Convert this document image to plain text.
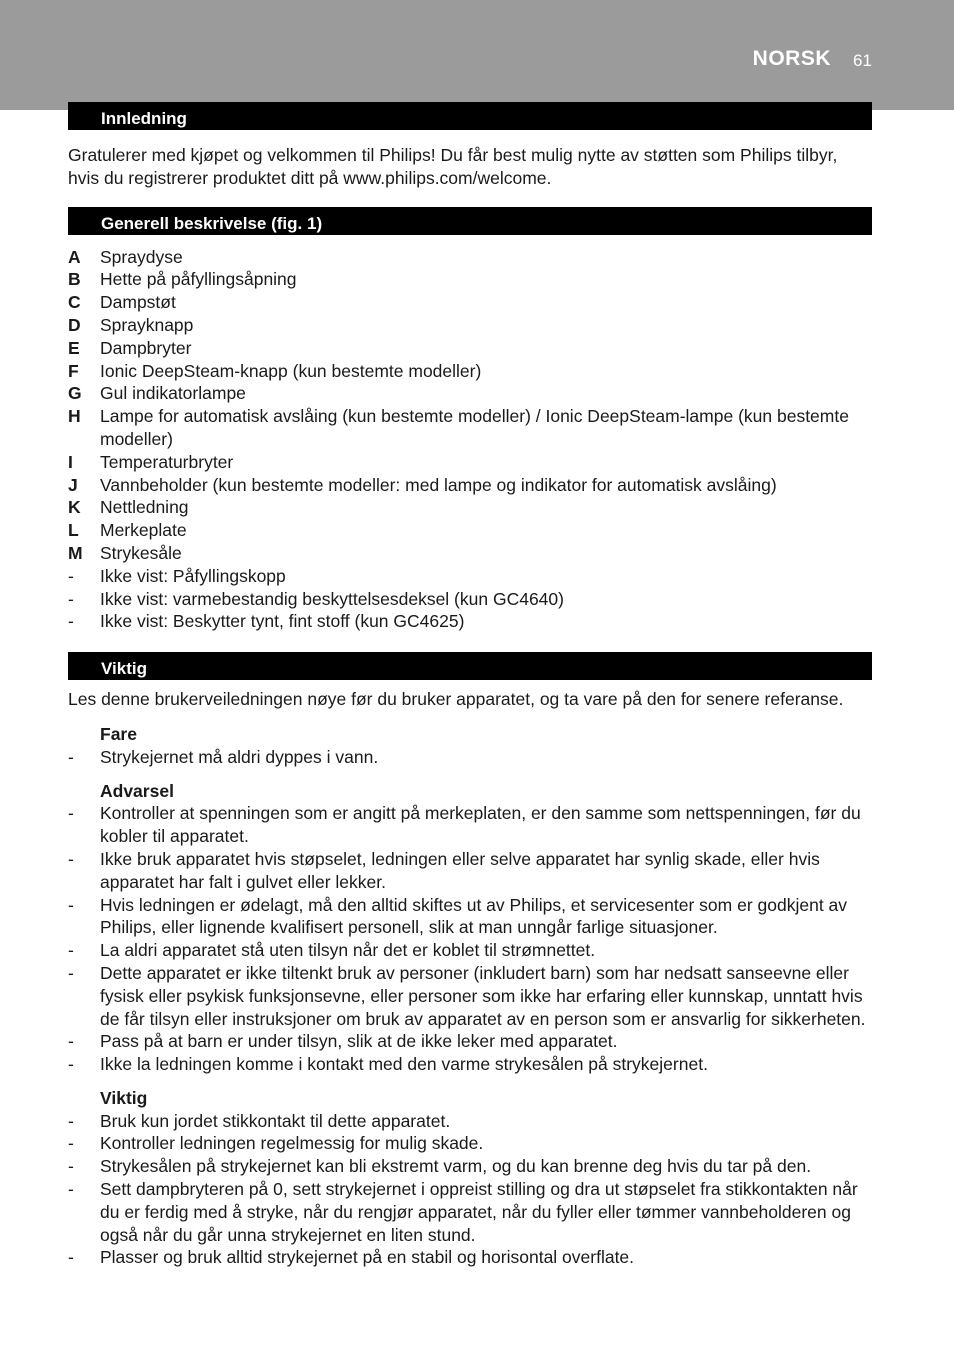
NORSK 61
Innledning

Gratulerer med kjøpet og velkommen til Philips! Du får best mulig nytte av støtten som Philips tilbyr, hvis du registrerer produktet ditt på www.philips.com/welcome.

Generell beskrivelse (fig. 1)
A	Spraydyse
B	Hette på påfyllingsåpning
C	Dampstøt
D	Sprayknapp
E	Dampbryter
F	Ionic DeepSteam-knapp (kun bestemte modeller)
G	Gul indikatorlampe
H	Lampe for automatisk avslåing (kun bestemte modeller) / Ionic DeepSteam-lampe (kun bestemte modeller)
I	Temperaturbryter
J	Vannbeholder (kun bestemte modeller: med lampe og indikator for automatisk avslåing)
K	Nettledning
L	Merkeplate
M Strykesåle
-	Ikke vist: Påfyllingskopp
-	Ikke vist: varmebestandig beskyttelsesdeksel (kun GC4640)
-	Ikke vist: Beskytter tynt, fint stoff (kun GC4625)
Viktig

Les denne brukerveiledningen nøye før du bruker apparatet, og ta vare på den for senere referanse.

Fare
-	Strykejernet må aldri dyppes i vann.
Advarsel
-	Kontroller at spenningen som er angitt på merkeplaten, er den samme som nettspenningen, før du kobler til apparatet.
-	Ikke bruk apparatet hvis støpselet, ledningen eller selve apparatet har synlig skade, eller hvis apparatet har falt i gulvet eller lekker.
-	Hvis ledningen er ødelagt, må den alltid skiftes ut av Philips, et servicesenter som er godkjent av Philips, eller lignende kvalifisert personell, slik at man unngår farlige situasjoner.
-	La aldri apparatet stå uten tilsyn når det er koblet til strømnettet.
-	Dette apparatet er ikke tiltenkt bruk av personer (inkludert barn) som har nedsatt sanseevne eller fysisk eller psykisk funksjonsevne, eller personer som ikke har erfaring eller kunnskap, unntatt hvis de får tilsyn eller instruksjoner om bruk av apparatet av en person som er ansvarlig for sikkerheten.
-	Pass på at barn er under tilsyn, slik at de ikke leker med apparatet.
-	Ikke la ledningen komme i kontakt med den varme strykesålen på strykejernet.
Viktig
-	Bruk kun jordet stikkontakt til dette apparatet.
-	Kontroller ledningen regelmessig for mulig skade.
-	Strykesålen på strykejernet kan bli ekstremt varm, og du kan brenne deg hvis du tar på den.
-	Sett dampbryteren på 0, sett strykejernet i oppreist stilling og dra ut støpselet fra stikkontakten når du er ferdig med å stryke, når du rengjør apparatet, når du fyller eller tømmer vannbeholderen og også når du går unna strykejernet en liten stund.
-	Plasser og bruk alltid strykejernet på en stabil og horisontal overflate.
